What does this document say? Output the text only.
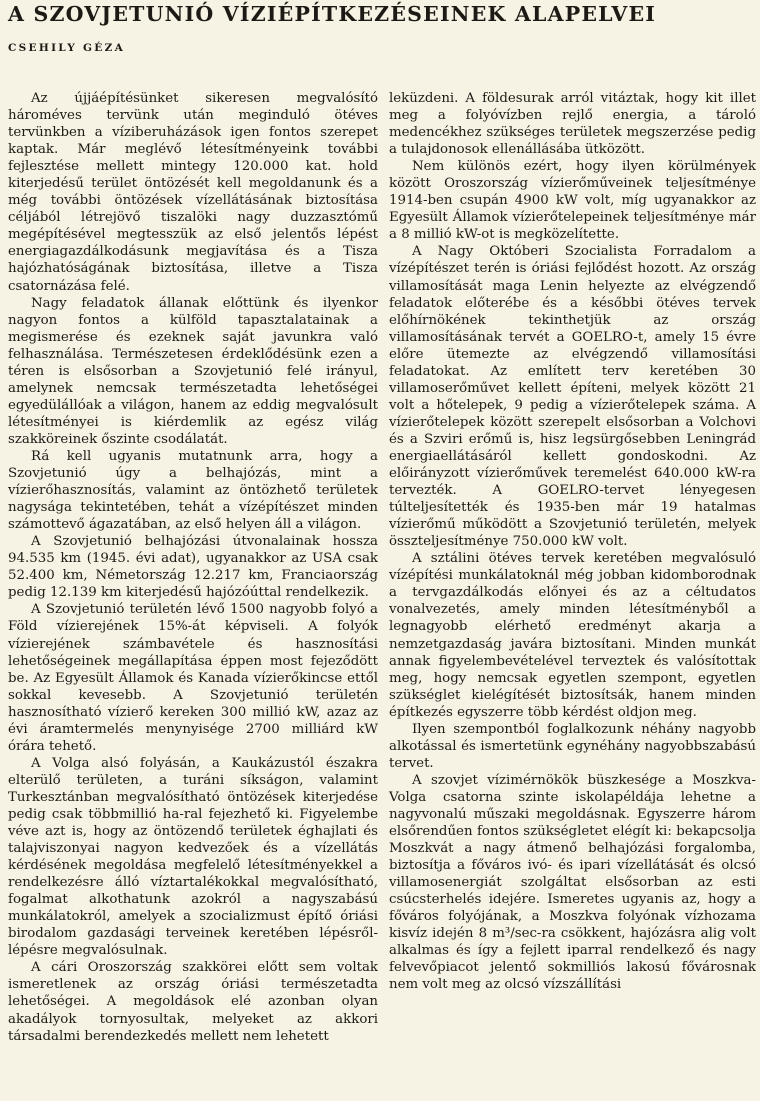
A SZOVJETUNIÓ VÍZIÉPÍTKEZÉSEINEK ALAPELVEI
CSEHILY GÉZA

Az újjáépítésünket sikeresen megvalósító hároméves tervünk után meginduló ötéves tervünkben a víziberuházások igen fontos szerepet kaptak. Már meglévő létesítményeink további fejlesztése mellett mintegy 120.000 kat. hold kiterjedésű terület öntözését kell megoldanunk és a még további öntözések vízellátásának biztosítása céljából létrejövő tiszalöki nagy duzzasztómű megépítésével megtesszük az első jelentős lépést energiagazdálkodásunk megjavítása és a Tisza hajózhatóságának biztosítása, illetve a Tisza csatornázása felé.

Nagy feladatok állanak előttünk és ilyenkor nagyon fontos a külföld tapasztalatainak a megismerése és ezeknek saját javunkra való felhasználása. Természetesen érdeklődésünk ezen a téren is elsősorban a Szovjetunió felé irányul, amelynek nemcsak természetadta lehetőségei egyedülállóak a világon, hanem az eddig megvalósult létesítményei is kiérdemlik az egész világ szakköreinek őszinte csodálatát.

Rá kell ugyanis mutatnunk arra, hogy a Szovjetunió úgy a belhajózás, mint a vízierőhasznosítás, valamint az öntözhető területek nagysága tekintetében, tehát a vízépítészet minden számottevő ágazatában, az első helyen áll a világon.

A Szovjetunió belhajózási útvonalainak hossza 94.535 km (1945. évi adat), ugyanakkor az USA csak 52.400 km, Németország 12.217 km, Franciaország pedig 12.139 km kiterjedésű hajózóúttal rendelkezik.

A Szovjetunió területén lévő 1500 nagyobb folyó a Föld vízierejének 15%-át képviseli. A folyók vízierejének számbavétele és hasznosítási lehetőségeinek megállapítása éppen most fejeződött be. Az Egyesült Államok és Kanada vízierőkincse ettől sokkal kevesebb. A Szovjetunió területén hasznosítható vízierő kereken 300 millió kW, azaz az évi áramtermelés menynyisége 2700 milliárd kW órára tehető.

A Volga alsó folyásán, a Kaukázustól északra elterülő területen, a turáni síkságon, valamint Turkesztánban megvalósítható öntözések kiterjedése pedig csak többmillió ha-ral fejezhető ki. Figyelembe véve azt is, hogy az öntözendő területek éghajlati és talajviszonyai nagyon kedvezőek és a vízellátás kérdésének megoldása megfelelő létesítményekkel a rendelkezésre álló víztartalékokkal megvalósítható, fogalmat alkothatunk azokról a nagyszabású munkálatokról, amelyek a szocializmust építő óriási birodalom gazdasági terveinek keretében lépésről-lépésre megvalósulnak.

A cári Oroszország szakkörei előtt sem voltak ismeretlenek az ország óriási természetadta lehetőségei. A megoldások elé azonban olyan akadályok tornyosultak, melyeket az akkori társadalmi berendezkedés mellett nem lehetett

leküzdeni. A földesurak arról vitáztak, hogy kit illet meg a folyóvízben rejlő energia, a tároló medencékhez szükséges területek megszerzése pedig a tulajdonosok ellenállásába ütközött.

Nem különös ezért, hogy ilyen körülmények között Oroszország vízierőműveinek teljesítménye 1914-ben csupán 4900 kW volt, míg ugyanakkor az Egyesült Államok vízierőtelepeinek teljesítménye már a 8 millió kW-ot is megközelítette.

A Nagy Októberi Szocialista Forradalom a vízépítészet terén is óriási fejlődést hozott. Az ország villamosítását maga Lenin helyezte az elvégzendő feladatok előterébe és a későbbi ötéves tervek előhírnökének tekinthetjük az ország villamosításának tervét a GOELRO-t, amely 15 évre előre ütemezte az elvégzendő villamosítási feladatokat. Az említett terv keretében 30 villamoserőművet kellett építeni, melyek között 21 volt a hőtelepek, 9 pedig a vízierőtelepek száma. A vízierőtelepek között szerepelt elsősorban a Volchovi és a Szviri erőmű is, hisz legsürgősebben Leningrád energiaellátásáról kellett gondoskodni. Az előirányzott vízierőművek teremelést 640.000 kW-ra tervezték. A GOELRO-tervet lényegesen túlteljesítették és 1935-ben már 19 hatalmas vízierőmű működött a Szovjetunió területén, melyek összteljesítménye 750.000 kW volt.

A sztálini ötéves tervek keretében megvalósuló vízépítési munkálatoknál még jobban kidomborodnak a tervgazdálkodás előnyei és az a céltudatos vonalvezetés, amely minden létesítményből a legnagyobb elérhető eredményt akarja a nemzetgazdaság javára biztosítani. Minden munkát annak figyelembevételével terveztek és valósítottak meg, hogy nemcsak egyetlen szempont, egyetlen szükséglet kielégítését biztosítsák, hanem minden építkezés egyszerre több kérdést oldjon meg.

Ilyen szempontból foglalkozunk néhány nagyobb alkotással és ismertetünk egynéhány nagyobbszabású tervet.

A szovjet vízimérnökök büszkesége a Moszkva-Volga csatorna szinte iskolapéldája lehetne a nagyvonalú műszaki megoldásnak. Egyszerre három elsőrendűen fontos szükségletet elégít ki: bekapcsolja Moszkvát a nagy átmenő belhajózási forgalomba, biztosítja a főváros ivó- és ipari vízellátását és olcsó villamosenergiát szolgáltat elsősorban az esti csúcsterhelés idejére. Ismeretes ugyanis az, hogy a főváros folyójának, a Moszkva folyónak vízhozama kisvíz idején 8 m³/sec-ra csökkent, hajózásra alig volt alkalmas és így a fejlett iparral rendelkező és nagy felvevőpiacot jelentő sokmilliós lakosú fővárosnak nem volt meg az olcsó vízszállítási
